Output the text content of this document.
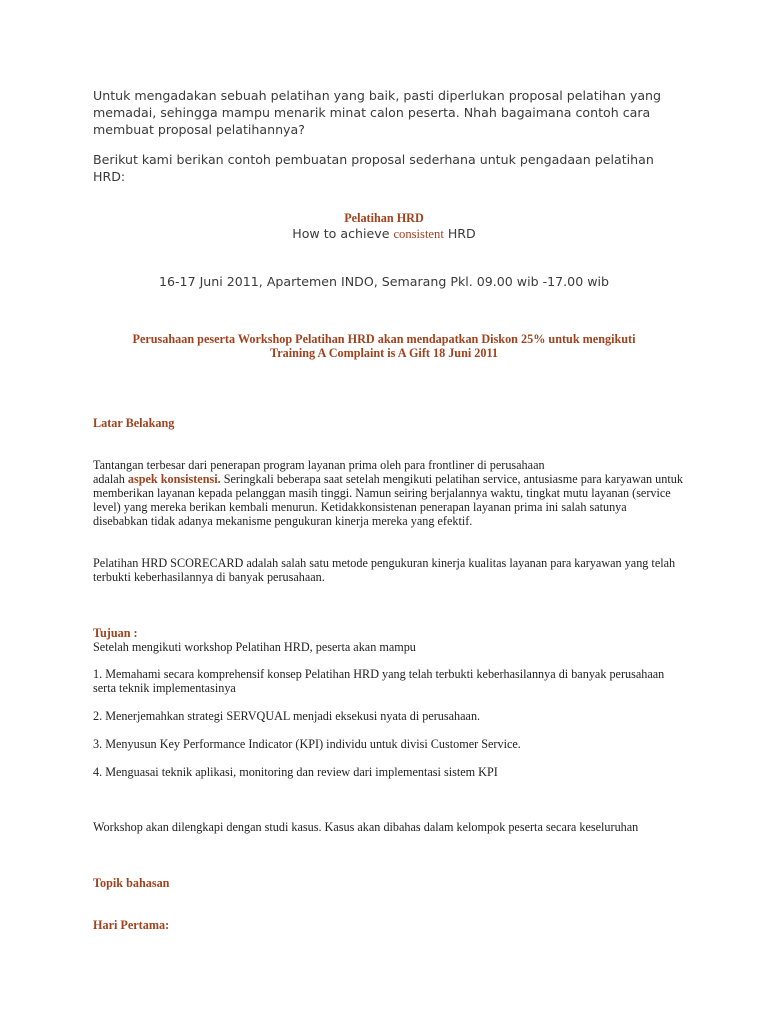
Untuk mengadakan sebuah pelatihan yang baik, pasti diperlukan proposal pelatihan yang memadai, sehingga mampu menarik minat calon peserta. Nhah bagaimana contoh cara membuat proposal pelatihannya?

Berikut kami berikan contoh pembuatan proposal sederhana untuk pengadaan pelatihan HRD:

Pelatihan HRD

How to achieve consistent HRD

16-17 Juni 2011, Apartemen INDO, Semarang Pkl. 09.00 wib -17.00 wib

Perusahaan peserta Workshop Pelatihan HRD akan mendapatkan Diskon 25% untuk mengikuti

Training A Complaint is A Gift 18 Juni 2011

Latar Belakang

Tantangan terbesar dari penerapan program layanan prima oleh para frontliner di perusahaan
adalah aspek konsistensi. Seringkali beberapa saat setelah mengikuti pelatihan service, antusiasme para karyawan untuk memberikan layanan kepada pelanggan masih tinggi. Namun seiring berjalannya waktu, tingkat mutu layanan (service level) yang mereka berikan kembali menurun. Ketidakkonsistenan penerapan layanan prima ini salah satunya disebabkan tidak adanya mekanisme pengukuran kinerja mereka yang efektif.

Pelatihan HRD SCORECARD adalah salah satu metode pengukuran kinerja kualitas layanan para karyawan yang telah terbukti keberhasilannya di banyak perusahaan.

Tujuan :

Setelah mengikuti workshop Pelatihan HRD, peserta akan mampu

1. Memahami secara komprehensif konsep Pelatihan HRD yang telah terbukti keberhasilannya di banyak perusahaan serta teknik implementasinya

2. Menerjemahkan strategi SERVQUAL menjadi eksekusi nyata di perusahaan.

3. Menyusun Key Performance Indicator (KPI) individu untuk divisi Customer Service.

4. Menguasai teknik aplikasi, monitoring dan review dari implementasi sistem KPI

Workshop akan dilengkapi dengan studi kasus. Kasus akan dibahas dalam kelompok peserta secara keseluruhan

Topik bahasan

Hari Pertama:
